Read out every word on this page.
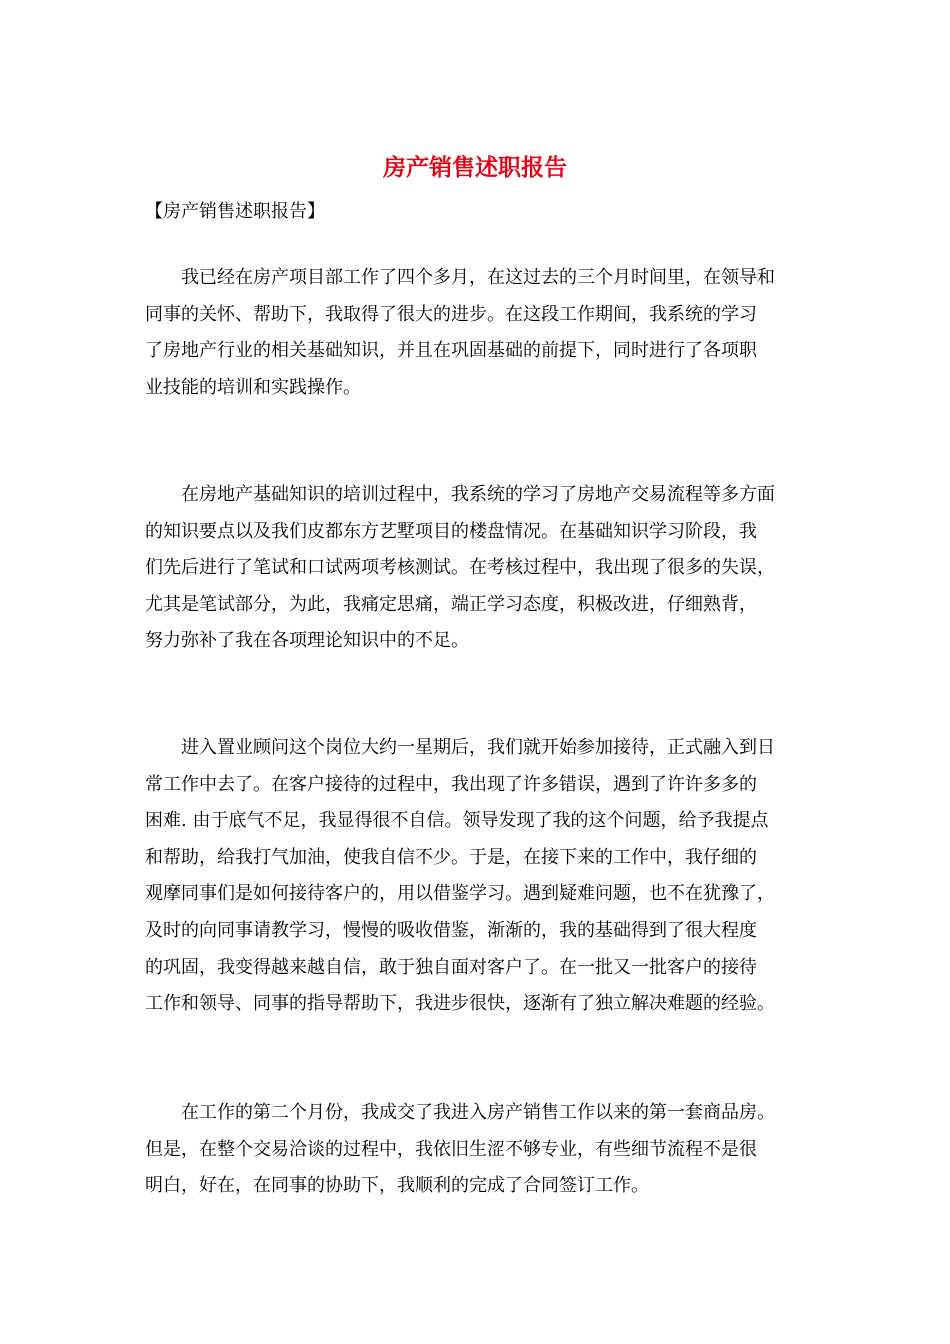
房产销售述职报告

【房产销售述职报告】

　　我已经在房产项目部工作了四个多月，在这过去的三个月时间里，在领导和
同事的关怀、帮助下，我取得了很大的进步。在这段工作期间，我系统的学习
了房地产行业的相关基础知识，并且在巩固基础的前提下，同时进行了各项职
业技能的培训和实践操作。
　　在房地产基础知识的培训过程中，我系统的学习了房地产交易流程等多方面
的知识要点以及我们皮都东方艺墅项目的楼盘情况。在基础知识学习阶段，我
们先后进行了笔试和口试两项考核测试。在考核过程中，我出现了很多的失误，
尤其是笔试部分，为此，我痛定思痛，端正学习态度，积极改进，仔细熟背，
努力弥补了我在各项理论知识中的不足。
　　进入置业顾问这个岗位大约一星期后，我们就开始参加接待，正式融入到日
常工作中去了。在客户接待的过程中，我出现了许多错误，遇到了许许多多的
困难. 由于底气不足，我显得很不自信。领导发现了我的这个问题，给予我提点
和帮助，给我打气加油，使我自信不少。于是，在接下来的工作中，我仔细的
观摩同事们是如何接待客户的，用以借鉴学习。遇到疑难问题，也不在犹豫了，
及时的向同事请教学习，慢慢的吸收借鉴，渐渐的，我的基础得到了很大程度
的巩固，我变得越来越自信，敢于独自面对客户了。在一批又一批客户的接待
工作和领导、同事的指导帮助下，我进步很快，逐渐有了独立解决难题的经验。
　　在工作的第二个月份，我成交了我进入房产销售工作以来的第一套商品房。
但是，在整个交易洽谈的过程中，我依旧生涩不够专业，有些细节流程不是很
明白，好在，在同事的协助下，我顺利的完成了合同签订工作。
